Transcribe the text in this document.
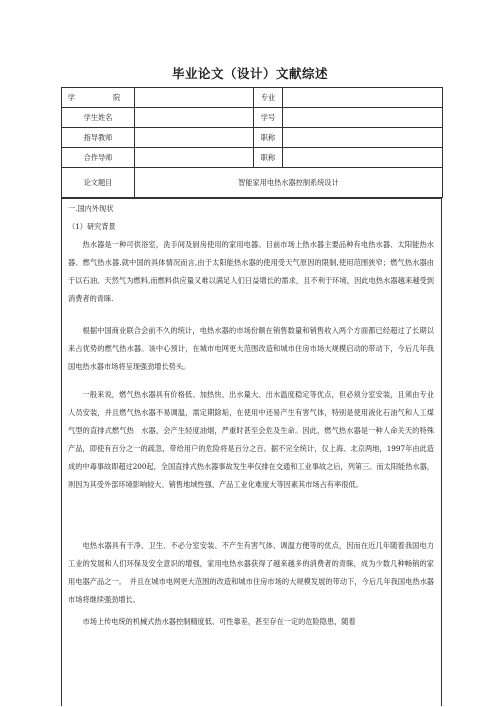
毕业论文（设计）文献综述
学　　院		专业	
学生姓名		学号	
指导教师		职称	
合作导师		职称	
论文题目	智能家用电热水器控制系统设计		
一.国内外现状
（1）研究背景

热水器是一种可供浴室，洗手间及厨房使用的家用电器。目前市场上热水器主要品种有电热水器、太阳能热水器、燃气热水器.就中国的具体情况而言,由于太阳能热水器的使用受天气原因的限制,使用范围狭窄；燃气热水器由于以石油、天然气为燃料,而燃料供应量又难以满足人们日益增长的需求，且不利于环境，因此电热水器越来越受到消费者的青睐.

根据中国商业联合会前不久的统计，电热水器的市场份额在销售数量和销售收入两个方面都已经超过了长期以来占优势的燃气热水器。该中心预计，在城市电网更大范围改造和城市住房市场大规模启动的带动下，今后几年我国电热水器市场将呈现强劲增长势头。

一般来说，燃气热水器具有价格低、加热快、出水量大、出水温度稳定等优点，但必须分室安装，且须由专业人员安装，并且燃气热水器不易调温，需定期除垢，在使用中还易产生有害气体，特别是使用液化石油气和人工煤气型的直排式燃气热　水器，会产生轻度油烟，严重时甚至会危及生命。因此，燃气热水器是一种人命关天的特殊产品，即使有百分之一的疏忽，带给用户的危险将是百分之百。据不完全统计，仅上海、北京两地，1997年由此造成的中毒事故即超过200起，全国直排式热水器事故发生率仅排在交通和工业事故之后，列第三。而太阳能热水器，则因为其受外部环境影响较大、销售地域性强、产品工业化难度大等因素其市场占有率很低。

电热水器具有干净、卫生、不必分室安装、不产生有害气体、调温方便等的优点，因而在近几年随着我国电力工业的发展和人们环保及安全意识的增强，家用电热水器获得了越来越多的消费者的青睐，成为少数几种畅销的家用电器产品之一。　并且在城市电网更大范围的改造和城市住房市场的大规模发展的带动下，今后几年我国电热水器市场将继续强劲增长。

市场上传电统的机械式热水器控制精度低、可性靠差，甚至存在一定的危险隐患，随着
